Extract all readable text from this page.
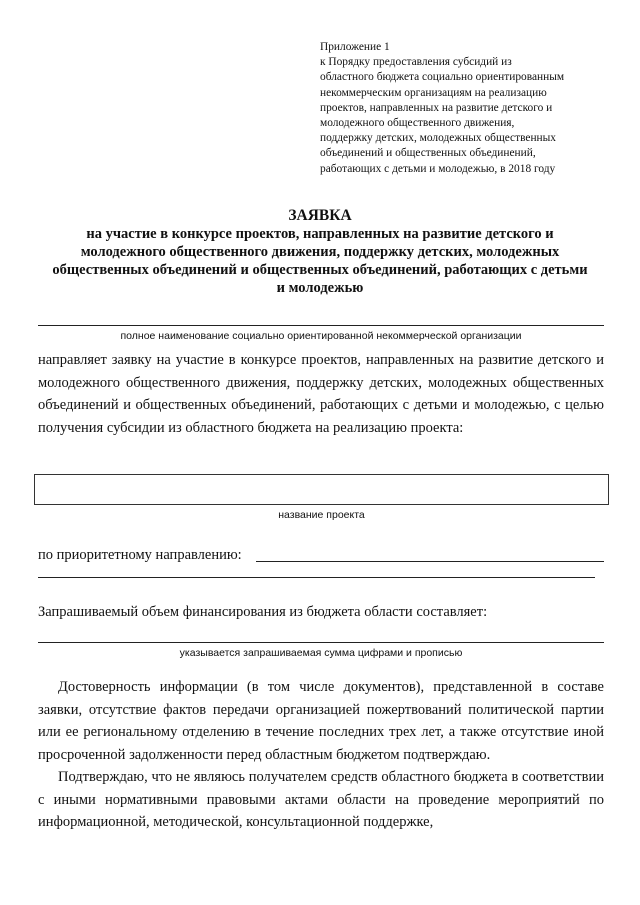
Приложение 1
к Порядку предоставления субсидий из
областного бюджета социально ориентированным
некоммерческим организациям на реализацию
проектов, направленных на развитие детского и
молодежного общественного движения,
поддержку детских, молодежных общественных
объединений и общественных объединений,
работающих с детьми и молодежью, в 2018 году
ЗАЯВКА
на участие в конкурсе проектов, направленных на развитие детского и
молодежного общественного движения, поддержку детских, молодежных
общественных объединений и общественных объединений, работающих с детьми
и молодежью
полное наименование социально ориентированной некоммерческой организации

направляет заявку на участие в конкурсе проектов, направленных на развитие детского и молодежного общественного движения, поддержку детских, молодежных общественных объединений и общественных объединений, работающих с детьми и молодежью, с целью получения субсидии из областного бюджета на реализацию проекта:

название проекта
по приоритетному направлению:
Запрашиваемый объем финансирования из бюджета области составляет:
указывается запрашиваемая сумма цифрами и прописью

Достоверность информации (в том числе документов), представленной в составе заявки, отсутствие фактов передачи организацией пожертвований политической партии или ее региональному отделению в течение последних трех лет, а также отсутствие иной просроченной задолженности перед областным бюджетом подтверждаю.

Подтверждаю, что не являюсь получателем средств областного бюджета в соответствии с иными нормативными правовыми актами области на проведение мероприятий по информационной, методической, консультационной поддержке,
